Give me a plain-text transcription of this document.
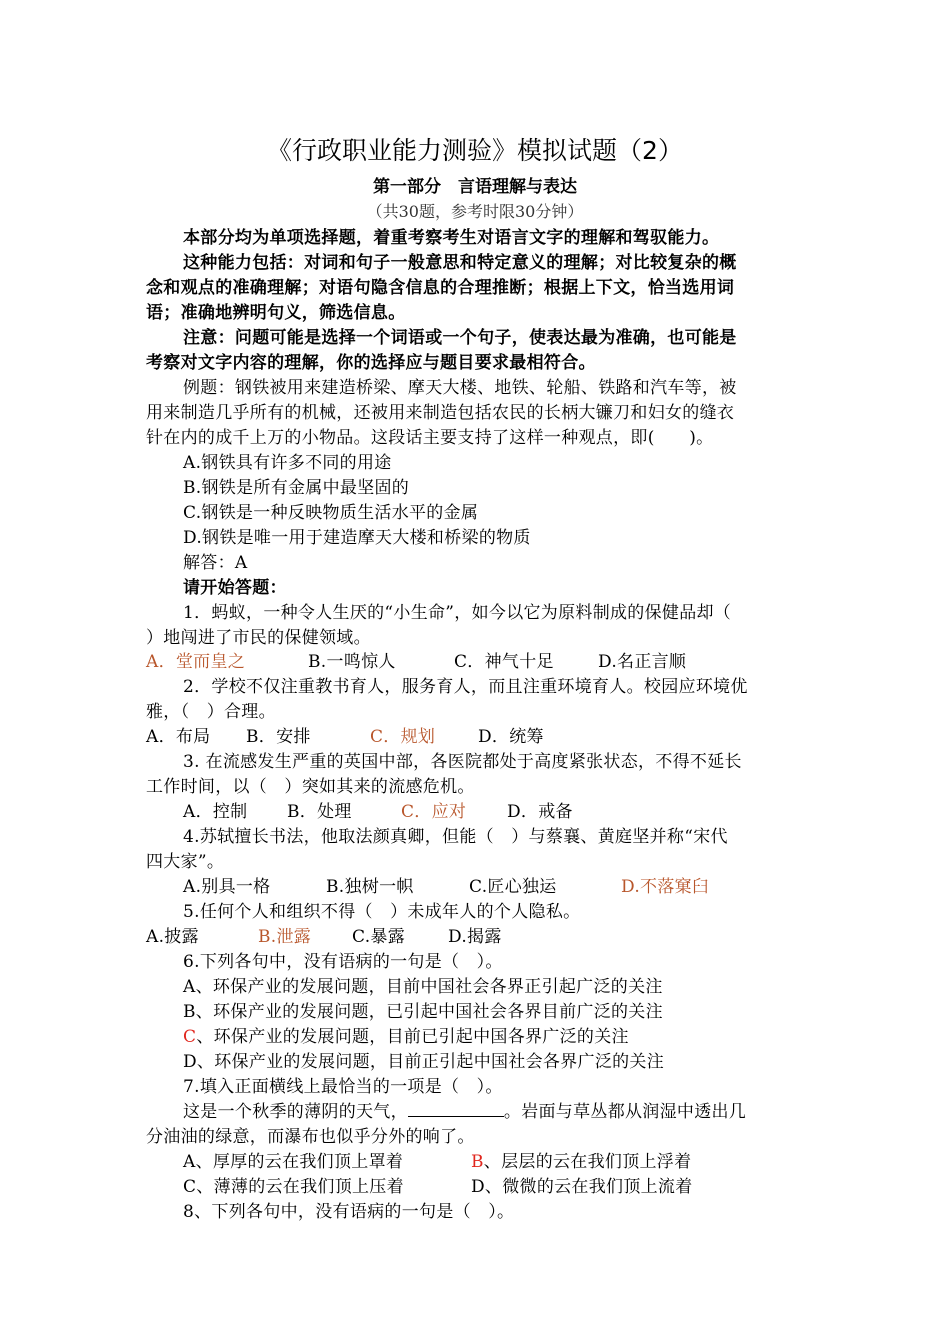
《行政职业能力测验》模拟试题（2）
第一部分　言语理解与表达
（共30题，参考时限30分钟）
本部分均为单项选择题，着重考察考生对语言文字的理解和驾驭能力。
这种能力包括：对词和句子一般意思和特定意义的理解；对比较复杂的概
念和观点的准确理解；对语句隐含信息的合理推断；根据上下文，恰当选用词
语；准确地辨明句义，筛选信息。
注意：问题可能是选择一个词语或一个句子，使表达最为准确，也可能是
考察对文字内容的理解，你的选择应与题目要求最相符合。
例题：钢铁被用来建造桥梁、摩天大楼、地铁、轮船、铁路和汽车等，被
用来制造几乎所有的机械，还被用来制造包括农民的长柄大镰刀和妇女的缝衣
针在内的成千上万的小物品。这段话主要支持了这样一种观点，即(　　)。
A.钢铁具有许多不同的用途
B.钢铁是所有金属中最坚固的
C.钢铁是一种反映物质生活水平的金属
D.钢铁是唯一用于建造摩天大楼和桥梁的物质
解答：A
请开始答题：
1．蚂蚁，一种令人生厌的“小生命”，如今以它为原料制成的保健品却（
）地闯进了市民的保健领域。
A．堂而皇之	B.一鸣惊人	C．神气十足	D.名正言顺
2．学校不仅注重教书育人，服务育人，而且注重环境育人。校园应环境优
雅，（　）合理。
A．布局 B．安排	C．规划	D．统筹
3. 在流感发生严重的英国中部，各医院都处于高度紧张状态，不得不延长
工作时间，以（　）突如其来的流感危机。
A．控制 B．处理	C．应对 D．戒备
4.苏轼擅长书法，他取法颜真卿，但能（　）与蔡襄、黄庭坚并称“宋代
四大家”。
A.别具一格	B.独树一帜	C.匠心独运	D.不落窠臼
5.任何个人和组织不得（　）未成年人的个人隐私。
A.披露	B.泄露 C.暴露	D.揭露
6.下列各句中，没有语病的一句是（　）。
A、环保产业的发展问题，目前中国社会各界正引起广泛的关注
B、环保产业的发展问题，已引起中国社会各界目前广泛的关注
C、环保产业的发展问题，目前已引起中国各界广泛的关注
D、环保产业的发展问题，目前正引起中国社会各界广泛的关注
7.填入正面横线上最恰当的一项是（　）。
这是一个秋季的薄阴的天气，	。岩面与草丛都从润湿中透出几
分油油的绿意，而瀑布也似乎分外的响了。
A、厚厚的云在我们顶上罩着	B、层层的云在我们顶上浮着
C、薄薄的云在我们顶上压着	D、微微的云在我们顶上流着
8、下列各句中，没有语病的一句是（　）。
